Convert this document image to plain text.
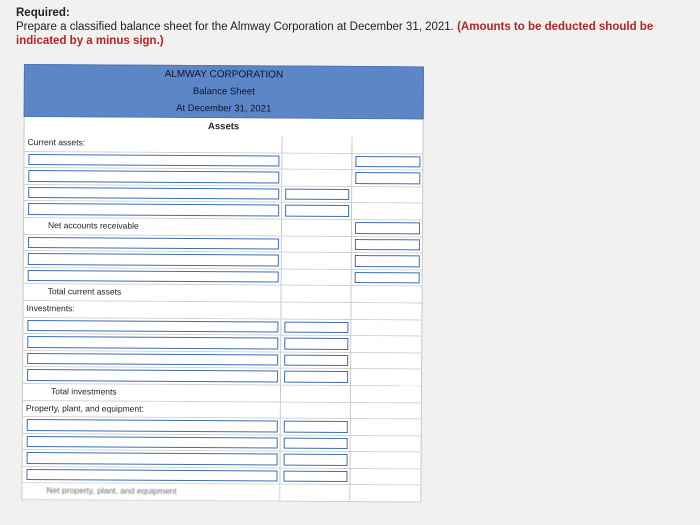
Required:
Prepare a classified balance sheet for the Almway Corporation at December 31, 2021. (Amounts to be deducted should be indicated by a minus sign.)
ALMWAY CORPORATION
Balance Sheet
At December 31, 2021
Assets
Current assets:
Net accounts receivable
Total current assets
Investments:
Total investments
Property, plant, and equipment:
Net property, plant, and equipment
